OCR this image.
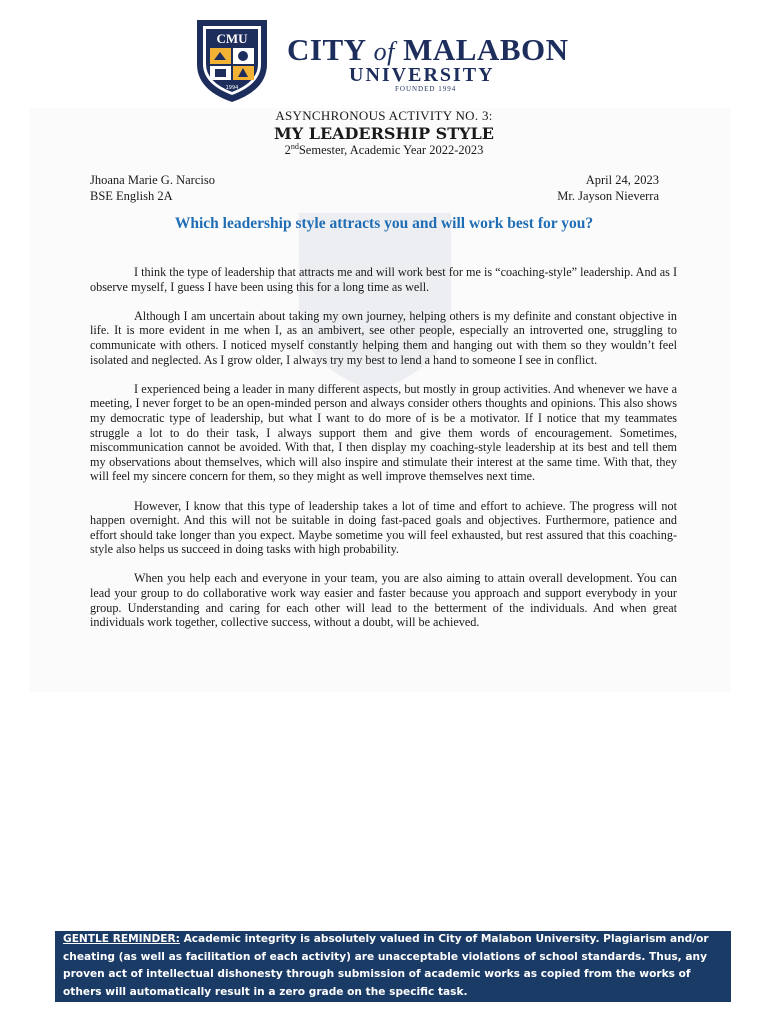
CMU
1994
CITY of MALABON
UNIVERSITY
FOUNDED 1994
ASYNCHRONOUS ACTIVITY NO. 3:
MY LEADERSHIP STYLE
2ndSemester, Academic Year 2022-2023
Jhoana Marie G. Narciso
BSE English 2A
April 24, 2023
Mr. Jayson Nieverra
Which leadership style attracts you and will work best for you?

I think the type of leadership that attracts me and will work best for me is “coaching-style” leadership. And as I observe myself, I guess I have been using this for a long time as well.

Although I am uncertain about taking my own journey, helping others is my definite and constant objective in life. It is more evident in me when I, as an ambivert, see other people, especially an introverted one, struggling to communicate with others. I noticed myself constantly helping them and hanging out with them so they wouldn’t feel isolated and neglected. As I grow older, I always try my best to lend a hand to someone I see in conflict.

I experienced being a leader in many different aspects, but mostly in group activities. And whenever we have a meeting, I never forget to be an open-minded person and always consider others thoughts and opinions. This also shows my democratic type of leadership, but what I want to do more of is be a motivator. If I notice that my teammates struggle a lot to do their task, I always support them and give them words of encouragement. Sometimes, miscommunication cannot be avoided. With that, I then display my coaching-style leadership at its best and tell them my observations about themselves, which will also inspire and stimulate their interest at the same time. With that, they will feel my sincere concern for them, so they might as well improve themselves next time.

However, I know that this type of leadership takes a lot of time and effort to achieve. The progress will not happen overnight. And this will not be suitable in doing fast-paced goals and objectives. Furthermore, patience and effort should take longer than you expect. Maybe sometime you will feel exhausted, but rest assured that this coaching-style also helps us succeed in doing tasks with high probability.

When you help each and everyone in your team, you are also aiming to attain overall development. You can lead your group to do collaborative work way easier and faster because you approach and support everybody in your group. Understanding and caring for each other will lead to the betterment of the individuals. And when great individuals work together, collective success, without a doubt, will be achieved.

GENTLE REMINDER: Academic integrity is absolutely valued in City of Malabon University. Plagiarism and/or cheating (as well as facilitation of each activity) are unacceptable violations of school standards. Thus, any proven act of intellectual dishonesty through submission of academic works as copied from the works of others will automatically result in a zero grade on the specific task.
